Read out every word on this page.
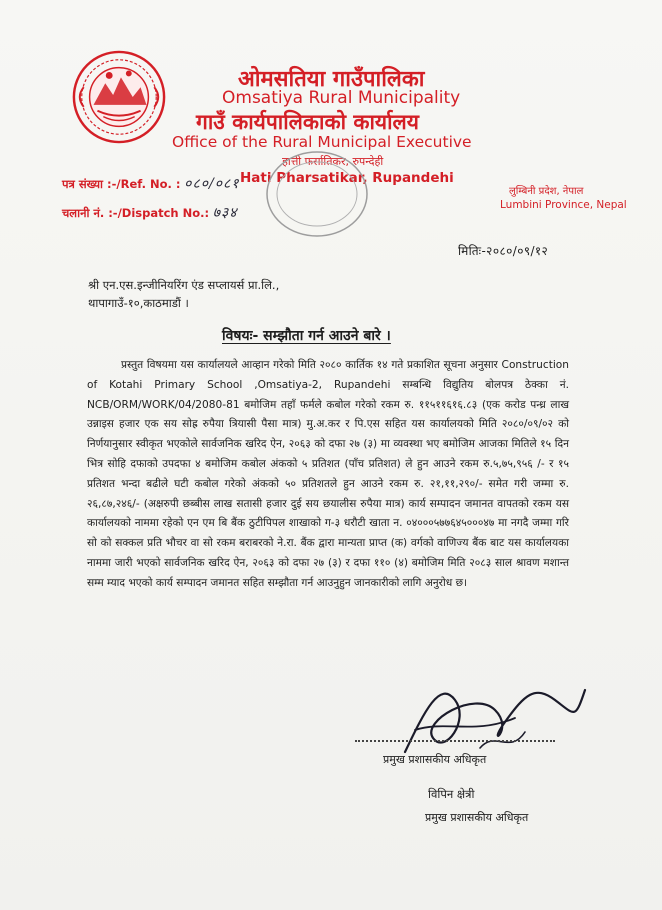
ओमसतिया गाउँपालिका
Omsatiya Rural Municipality
गाउँ कार्यपालिकाको कार्यालय
Office of the Rural Municipal Executive
हात्ती फर्सातिकर, रुपन्देही
Hati Pharsatikar, Rupandehi
लुम्बिनी प्रदेश, नेपाल
Lumbini Province, Nepal
पत्र संख्या :-/Ref. No. : ०८०/०८१
चलानी नं. :-/Dispatch No.: ७३४
मितिः-२०८०/०९/१२
श्री एन.एस.इन्जीनियरिंग एंड सप्लायर्स प्रा.लि.,
थापागाउँ-१०,काठमाडौं ।
विषयः- सम्झौता गर्न आउने बारे ।

प्रस्तुत विषयमा यस कार्यालयले आव्हान गरेको मिति २०८० कार्तिक १४ गते प्रकाशित सूचना अनुसार Construction of Kotahi Primary School ,Omsatiya-2, Rupandehi सम्बन्धि विद्युतिय बोलपत्र ठेक्का नं. NCB/ORM/WORK/04/2080-81 बमोजिम तहाँ फर्मले कबोल गरेको रकम रु. ११५११६१६.८३ (एक करोड पन्ध्र लाख उन्नाइस हजार एक सय सोह्र रुपैया त्रियासी पैसा मात्र) मु.अ.कर र पि.एस सहित यस कार्यालयको मिति २०८०/०९/०२ को निर्णयानुसार स्वीकृत भएकोले सार्वजनिक खरिद ऐन, २०६३ को दफा २७ (३) मा व्यवस्था भए बमोजिम आजका मितिले १५ दिन भित्र सोहि दफाको उपदफा ४ बमोजिम कबोल अंकको ५ प्रतिशत (पाँच प्रतिशत) ले हुन आउने रकम रु.५,७५,९५६ /- र १५ प्रतिशत भन्दा बढीले घटी कबोल गरेको अंकको ५० प्रतिशतले हुन आउने रकम रु. २१,११,२९०/- समेत गरी जम्मा रु. २६,८७,२४६/- (अक्षरुपी छब्बीस लाख सतासी हजार दुई सय छयालीस रुपैया मात्र) कार्य सम्पादन जमानत वापतको रकम यस कार्यालयको नाममा रहेको एन एम बि बैंक ठुटीपिपल शाखाको ग-३ धरौटी खाता न. ०४०००५७७६४५०००४७ मा नगदै जम्मा गरि सो को सक्कल प्रति भौचर वा सो रकम बराबरको ने.रा. बैंक द्वारा मान्यता प्राप्त (क) वर्गको वाणिज्य बैंक बाट यस कार्यालयका नाममा जारी भएको सार्वजनिक खरिद ऐन, २०६३ को दफा २७ (३) र दफा ११० (४) बमोजिम मिति २०८३ साल श्रावण मशान्त सम्म म्याद भएको कार्य सम्पादन जमानत सहित सम्झौता गर्न आउनुहुन जानकारीको लागि अनुरोध छ।

प्रमुख प्रशासकीय अधिकृत
विपिन क्षेत्री
प्रमुख प्रशासकीय अधिकृत
